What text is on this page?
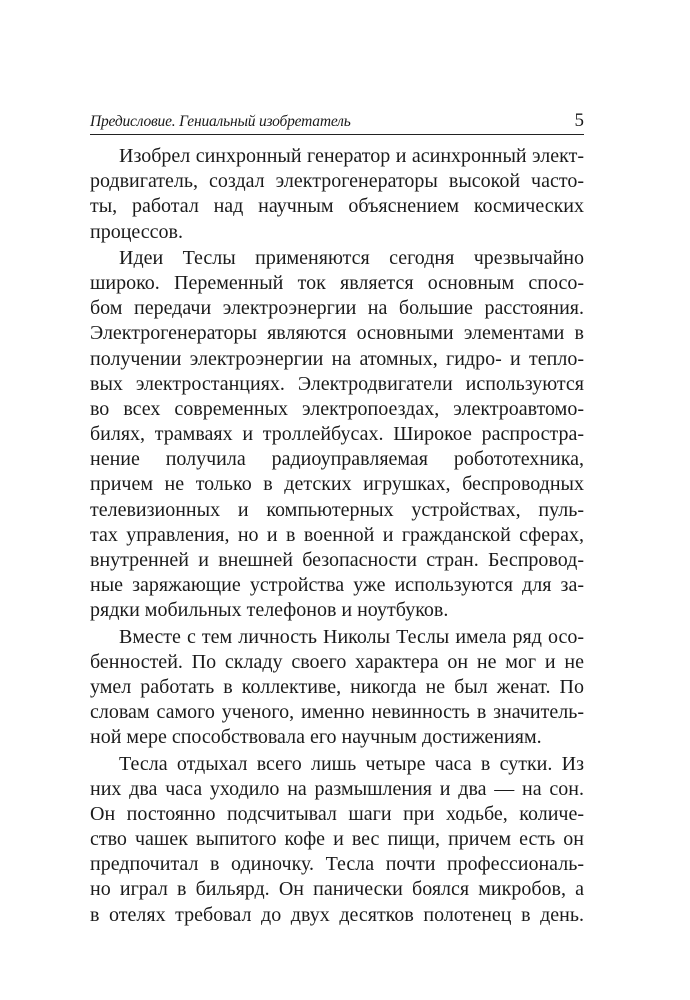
Предисловие. Гениальный изобретатель	5

Изобрел синхронный генератор и асинхронный элект-

родвигатель, создал электрогенераторы высокой часто-

ты, работал над научным объяснением космических

процессов.

Идеи Теслы применяются сегодня чрезвычайно

широко. Переменный ток является основным спосо-

бом передачи электроэнергии на большие расстояния.

Электрогенераторы являются основными элементами в

получении электроэнергии на атомных, гидро- и тепло-

вых электростанциях. Электродвигатели используются

во всех современных электропоездах, электроавтомо-

билях, трамваях и троллейбусах. Широкое распростра-

нение получила радиоуправляемая робототехника,

причем не только в детских игрушках, беспроводных

телевизионных и компьютерных устройствах, пуль-

тах управления, но и в военной и гражданской сферах,

внутренней и внешней безопасности стран. Беспровод-

ные заряжающие устройства уже используются для за-

рядки мобильных телефонов и ноутбуков.

Вместе с тем личность Николы Теслы имела ряд осо-

бенностей. По складу своего характера он не мог и не

умел работать в коллективе, никогда не был женат. По

словам самого ученого, именно невинность в значитель-

ной мере способствовала его научным достижениям.

Тесла отдыхал всего лишь четыре часа в сутки. Из

них два часа уходило на размышления и два — на сон.

Он постоянно подсчитывал шаги при ходьбе, количе-

ство чашек выпитого кофе и вес пищи, причем есть он

предпочитал в одиночку. Тесла почти профессиональ-

но играл в бильярд. Он панически боялся микробов, а

в отелях требовал до двух десятков полотенец в день.
